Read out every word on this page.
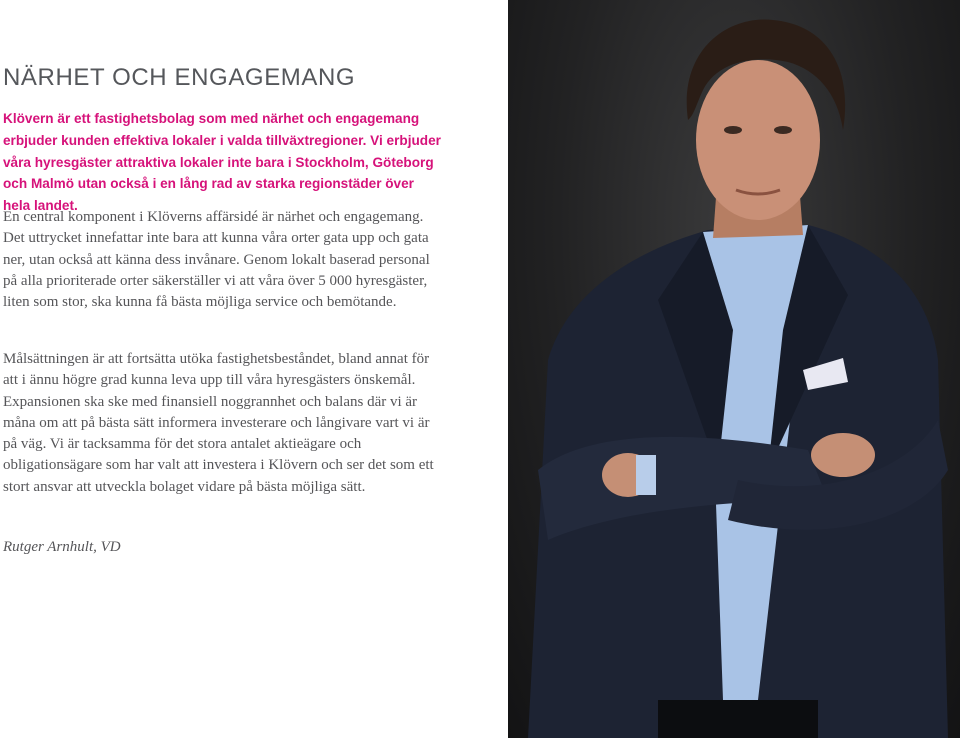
NÄRHET OCH ENGAGEMANG

Klövern är ett fastighetsbolag som med närhet och engagemang erbjuder kunden effektiva lokaler i valda tillväxtregioner. Vi erbjuder våra hyresgäster attraktiva lokaler inte bara i Stockholm, Göteborg och Malmö utan också i en lång rad av starka regionstäder över hela landet.

En central komponent i Klöverns affärsidé är närhet och engagemang. Det uttrycket innefattar inte bara att kunna våra orter gata upp och gata ner, utan också att känna dess invånare. Genom lokalt baserad personal på alla prioriterade orter säkerställer vi att våra över 5 000 hyresgäster, liten som stor, ska kunna få bästa möjliga service och bemötande.

Målsättningen är att fortsätta utöka fastighetsbeståndet, bland annat för att i ännu högre grad kunna leva upp till våra hyresgästers önskemål. Expansionen ska ske med finansiell noggrannhet och balans där vi är måna om att på bästa sätt informera investerare och långivare vart vi är på väg. Vi är tacksamma för det stora antalet aktieägare och obligationsägare som har valt att investera i Klövern och ser det som ett stort ansvar att utveckla bolaget vidare på bästa möjliga sätt.

Rutger Arnhult, VD
